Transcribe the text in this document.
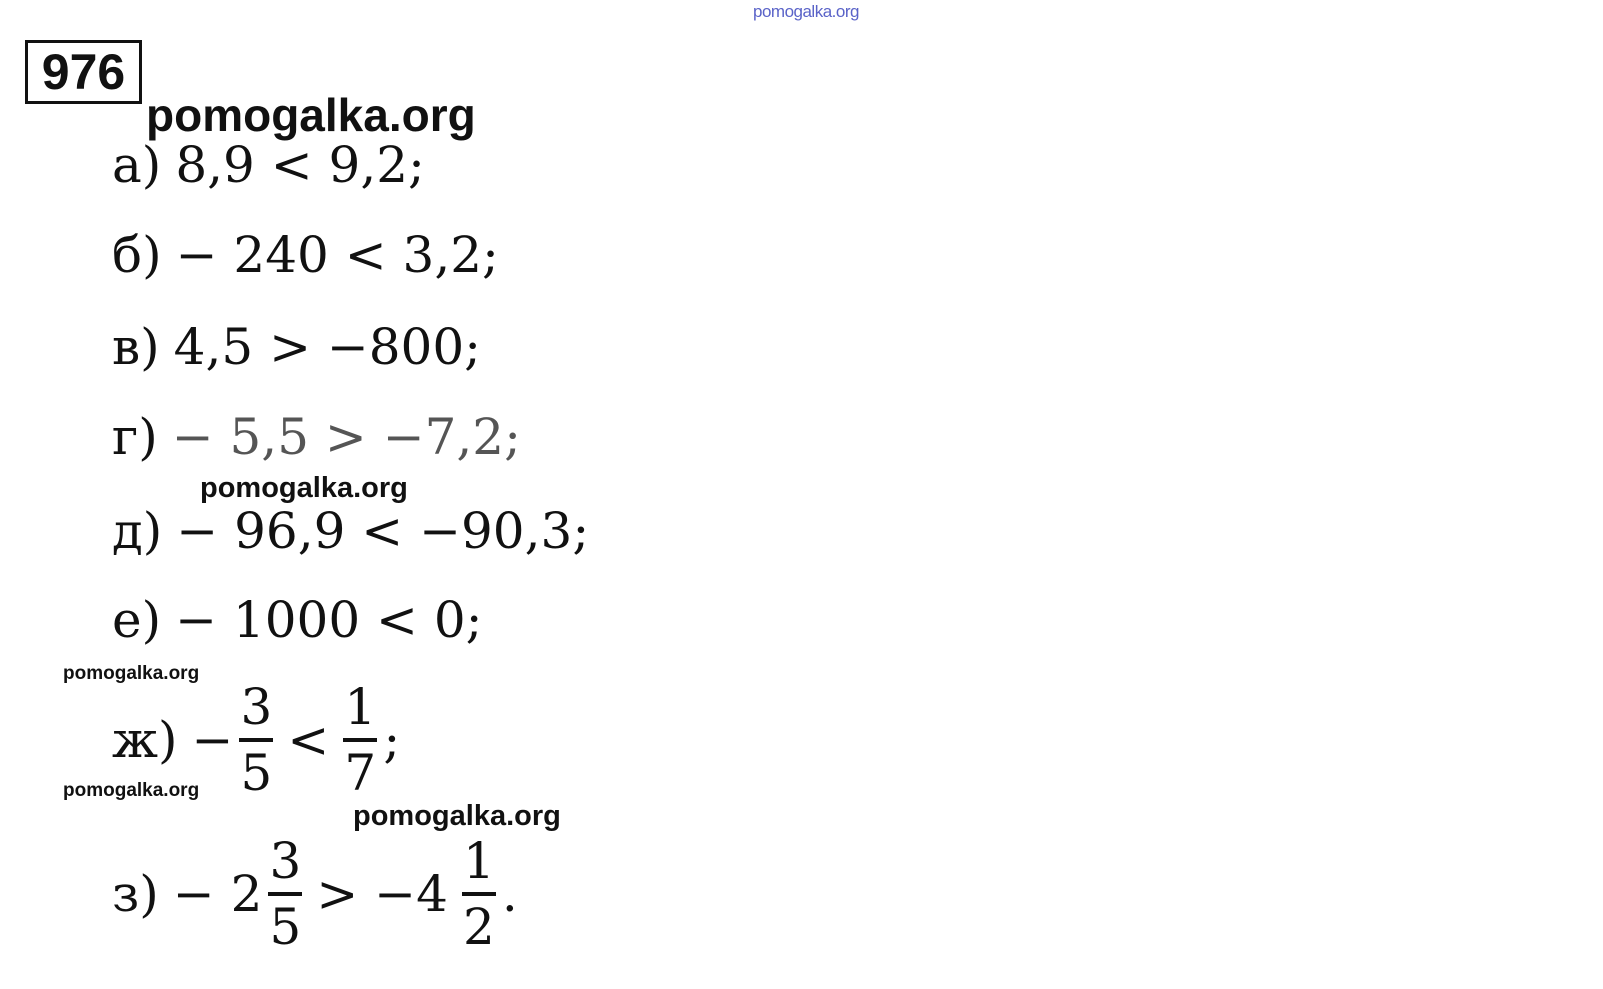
pomogalka.org
976
pomogalka.org
а) 8,9 < 9,2;
б) − 240 < 3,2;
в) 4,5 > −800;
г) − 5,5 > −7,2;
pomogalka.org
д) − 96,9 < −90,3;
е) − 1000 < 0;
pomogalka.org
$ж) - \frac{3}{5} < \frac{1}{7}$ ;
pomogalka.org
pomogalka.org
$з) - 2 \frac{3}{5} > -4 \frac{1}{2}$ .
